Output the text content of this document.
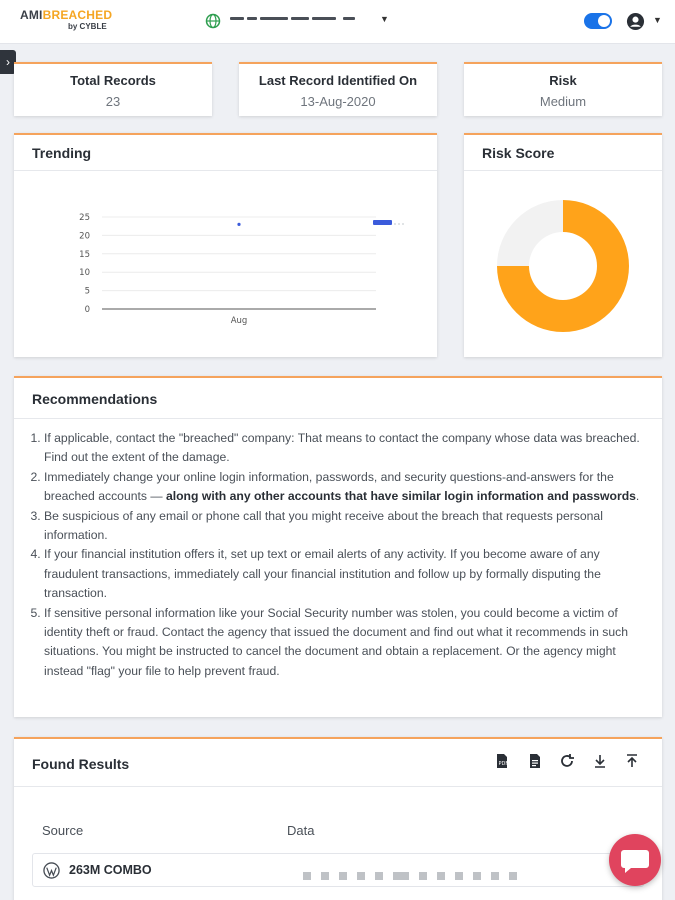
AMIBREACHED
by CYBLE

▼	▼
›
Total Records
23
Last Record Identified On
13-Aug-2020
Risk
Medium
Trending
0
5
10
15
20
25
Aug
Risk Score
Recommendations
1. If applicable, contact the "breached" company: That means to contact the company whose data was breached. Find out the extent of the damage.
2. Immediately change your online login information, passwords, and security questions-and-answers for the breached accounts — along with any other accounts that have similar login information and passwords.
3. Be suspicious of any email or phone call that you might receive about the breach that requests personal information.
4. If your financial institution offers it, set up text or email alerts of any activity. If you become aware of any fraudulent transactions, immediately call your financial institution and follow up by formally disputing the transaction.
5. If sensitive personal information like your Social Security number was stolen, you could become a victim of identity theft or fraud. Contact the agency that issued the document and find out what it recommends in such situations. You might be instructed to cancel the document and obtain a replacement. Or the agency might instead "flag" your file to help prevent fraud.
Found Results	PDF

Source	Data
263M COMBO
